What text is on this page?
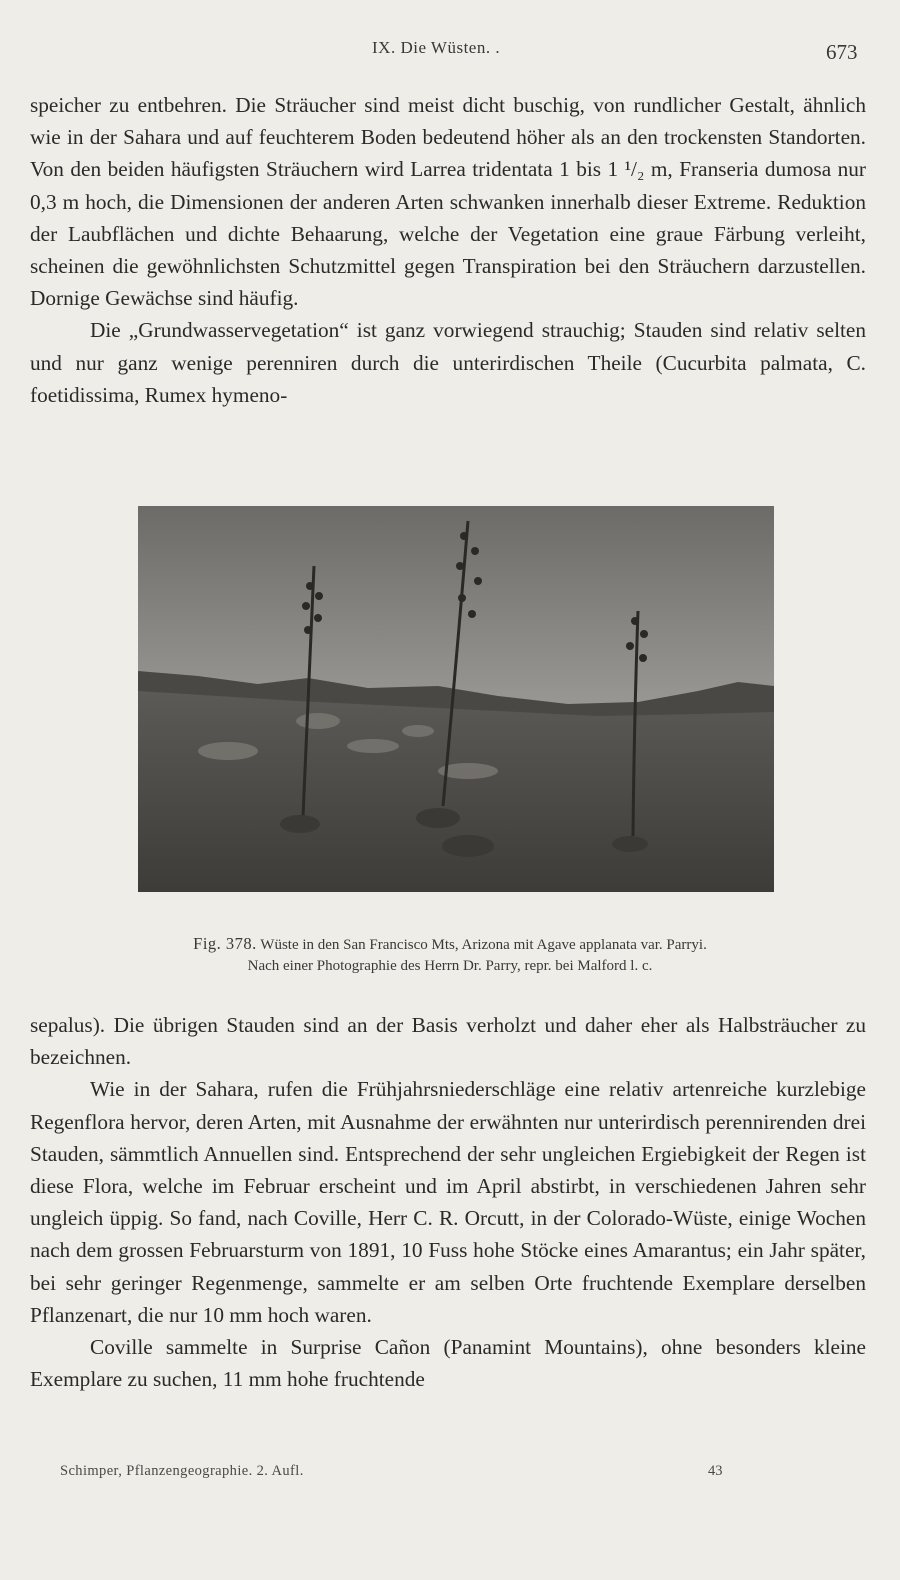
IX. Die Wüsten. .	673

speicher zu entbehren. Die Sträucher sind meist dicht buschig, von rundlicher Gestalt, ähnlich wie in der Sahara und auf feuchterem Boden bedeutend höher als an den trockensten Standorten. Von den beiden häufigsten Sträuchern wird Larrea tridentata 1 bis 1 ¹/₂ m, Franseria dumosa nur 0,3 m hoch, die Dimensionen der anderen Arten schwanken innerhalb dieser Extreme. Reduktion der Laubflächen und dichte Behaarung, welche der Vegetation eine graue Färbung verleiht, scheinen die gewöhnlichsten Schutzmittel gegen Transpiration bei den Sträuchern darzustellen. Dornige Gewächse sind häufig.

Die „Grundwasservegetation“ ist ganz vorwiegend strauchig; Stauden sind relativ selten und nur ganz wenige perenniren durch die unterirdischen Theile (Cucurbita palmata, C. foetidissima, Rumex hymeno-

Fig. 378. Wüste in den San Francisco Mts, Arizona mit Agave applanata var. Parryi.
Nach einer Photographie des Herrn Dr. Parry, repr. bei Malford l. c.

sepalus). Die übrigen Stauden sind an der Basis verholzt und daher eher als Halbsträucher zu bezeichnen.

Wie in der Sahara, rufen die Frühjahrsniederschläge eine relativ artenreiche kurzlebige Regenflora hervor, deren Arten, mit Ausnahme der erwähnten nur unterirdisch perennirenden drei Stauden, sämmtlich Annuellen sind. Entsprechend der sehr ungleichen Ergiebigkeit der Regen ist diese Flora, welche im Februar erscheint und im April abstirbt, in verschiedenen Jahren sehr ungleich üppig. So fand, nach Coville, Herr C. R. Orcutt, in der Colorado-Wüste, einige Wochen nach dem grossen Februarsturm von 1891, 10 Fuss hohe Stöcke eines Amarantus; ein Jahr später, bei sehr geringer Regenmenge, sammelte er am selben Orte fruchtende Exemplare derselben Pflanzenart, die nur 10 mm hoch waren.

Coville sammelte in Surprise Cañon (Panamint Mountains), ohne besonders kleine Exemplare zu suchen, 11 mm hohe fruchtende

Schimper, Pflanzengeographie. 2. Aufl.	43
